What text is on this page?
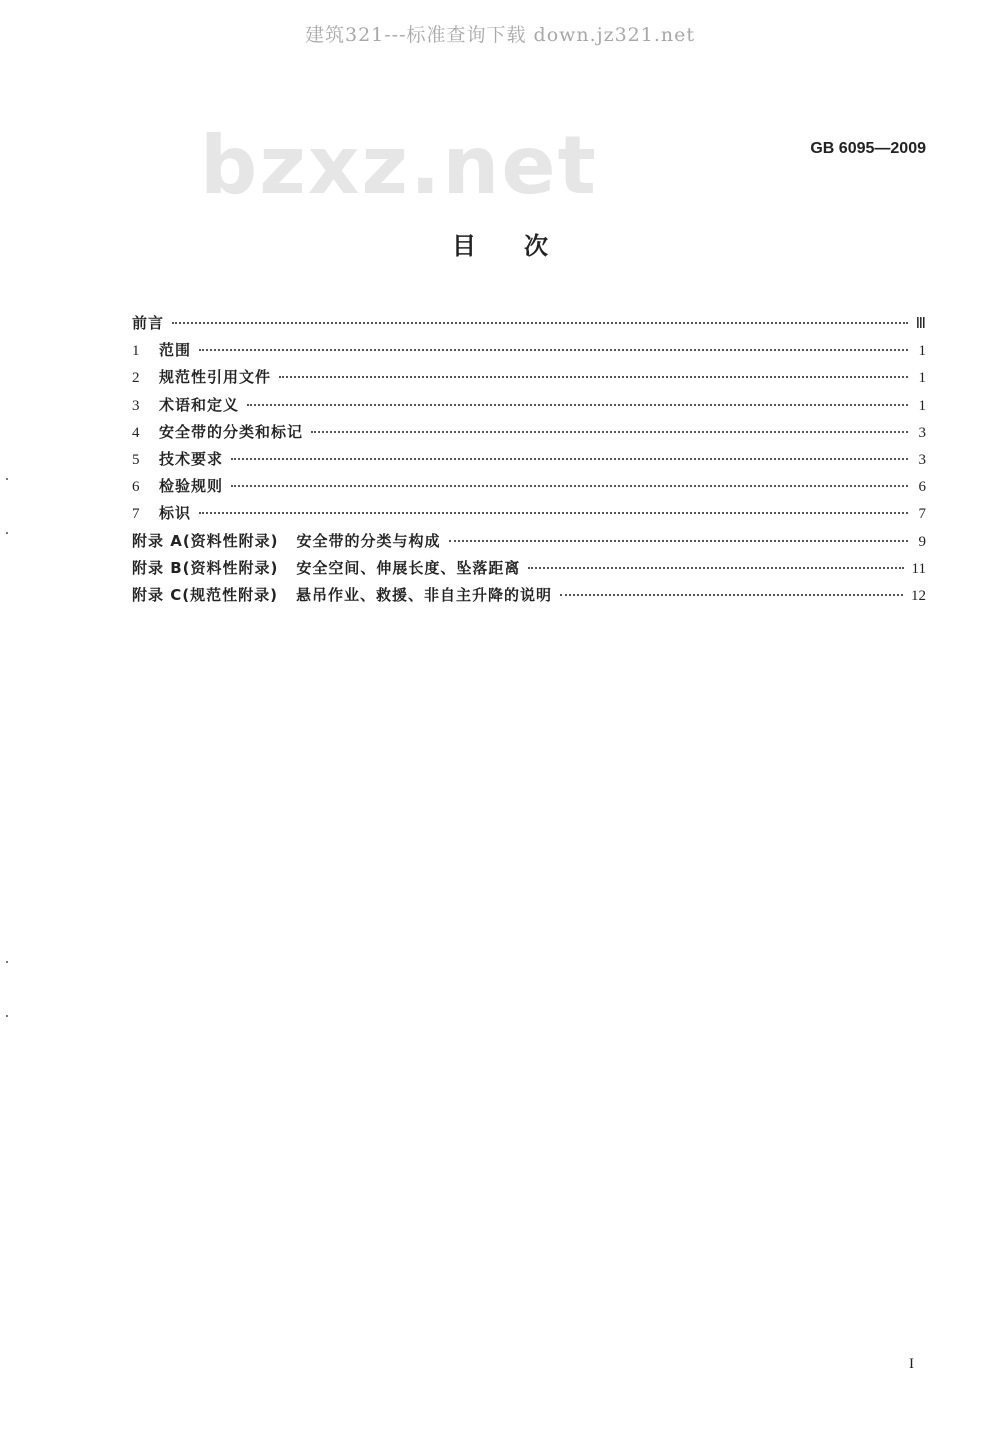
建筑321---标准查询下载 down.jz321.net
bzxz.net	GB 6095—2009
目次
前言	Ⅲ
1	范围	1
2	规范性引用文件	1
3	术语和定义	1
4	安全带的分类和标记	3
5	技术要求	3
6	检验规则	6
7	标识	7
附录 A(资料性附录) 安全带的分类与构成	9
附录 B(资料性附录) 安全空间、伸展长度、坠落距离	11
附录 C(规范性附录) 悬吊作业、救援、非自主升降的说明	12
I
